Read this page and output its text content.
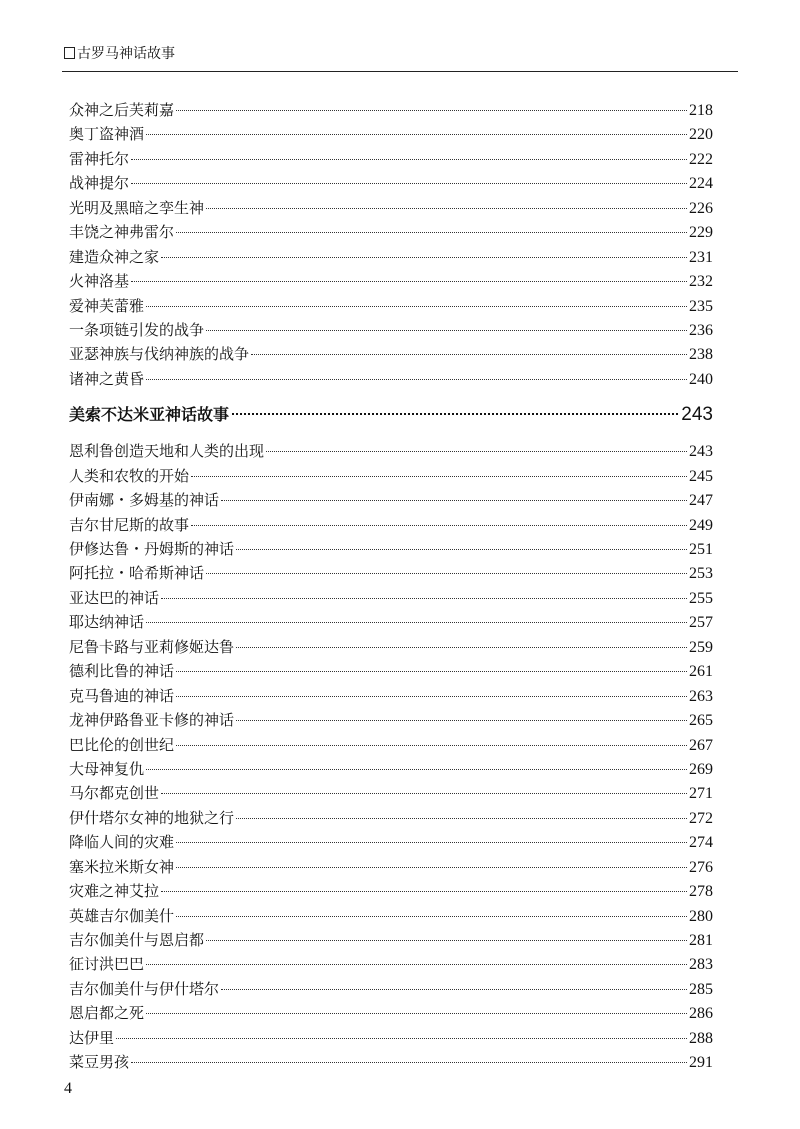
古罗马神话故事
众神之后芙莉嘉	218
奥丁盗神酒	220
雷神托尔	222
战神提尔	224
光明及黑暗之孪生神	226
丰饶之神弗雷尔	229
建造众神之家	231
火神洛基	232
爱神芙蕾雅	235
一条项链引发的战争	236
亚瑟神族与伐纳神族的战争	238
诸神之黄昏	240
美索不达米亚神话故事	243
恩利鲁创造天地和人类的出现	243
人类和农牧的开始	245
伊南娜・多姆基的神话	247
吉尔甘尼斯的故事	249
伊修达鲁・丹姆斯的神话	251
阿托拉・哈希斯神话	253
亚达巴的神话	255
耶达纳神话	257
尼鲁卡路与亚莉修姬达鲁	259
德利比鲁的神话	261
克马鲁迪的神话	263
龙神伊路鲁亚卡修的神话	265
巴比伦的创世纪	267
大母神复仇	269
马尔都克创世	271
伊什塔尔女神的地狱之行	272
降临人间的灾难	274
塞米拉米斯女神	276
灾难之神艾拉	278
英雄吉尔伽美什	280
吉尔伽美什与恩启都	281
征讨洪巴巴	283
吉尔伽美什与伊什塔尔	285
恩启都之死	286
达伊里	288
菜豆男孩	291
4
